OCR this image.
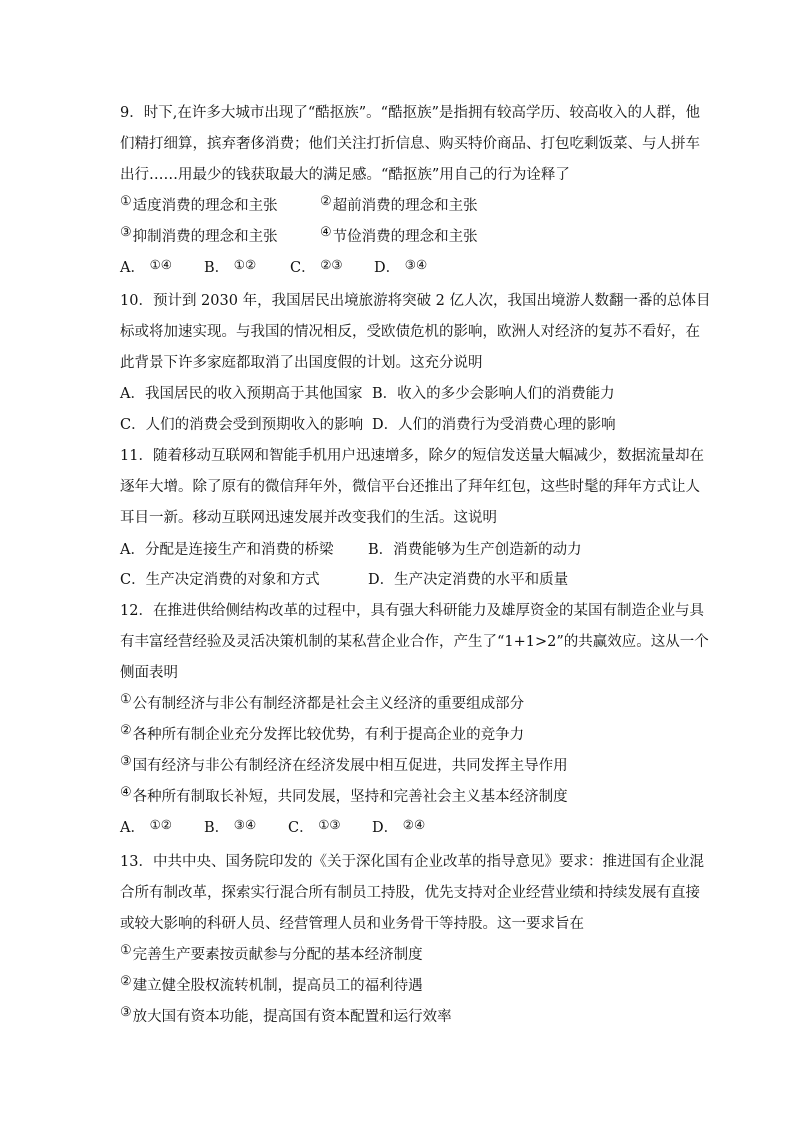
9．时下,在许多大城市出现了“酷抠族”。“酷抠族”是指拥有较高学历、较高收入的人群，他
们精打细算，摈弃奢侈消费；他们关注打折信息、购买特价商品、打包吃剩饭菜、与人拼车
出行……用最少的钱获取最大的满足感。“酷抠族”用自己的行为诠释了
①适度消费的理念和主张	②超前消费的理念和主张
③抑制消费的理念和主张	④节俭消费的理念和主张
A． ①④ B． ①② C． ②③ D． ③④
10．预计到 2030 年，我国居民出境旅游将突破 2 亿人次，我国出境游人数翻一番的总体目
标或将加速实现。与我国的情况相反，受欧债危机的影响，欧洲人对经济的复苏不看好，在
此背景下许多家庭都取消了出国度假的计划。这充分说明
A．我国居民的收入预期高于其他国家 B．收入的多少会影响人们的消费能力
C．人们的消费会受到预期收入的影响 D．人们的消费行为受消费心理的影响
11．随着移动互联网和智能手机用户迅速增多，除夕的短信发送量大幅减少，数据流量却在
逐年大增。除了原有的微信拜年外，微信平台还推出了拜年红包，这些时髦的拜年方式让人
耳目一新。移动互联网迅速发展并改变我们的生活。这说明
A．分配是连接生产和消费的桥梁 B．消费能够为生产创造新的动力
C．生产决定消费的对象和方式	D．生产决定消费的水平和质量
12．在推进供给侧结构改革的过程中，具有强大科研能力及雄厚资金的某国有制造企业与具
有丰富经营经验及灵活决策机制的某私营企业合作，产生了“1+1>2”的共赢效应。这从一个
侧面表明
①公有制经济与非公有制经济都是社会主义经济的重要组成部分
②各种所有制企业充分发挥比较优势，有利于提高企业的竞争力
③国有经济与非公有制经济在经济发展中相互促进，共同发挥主导作用
④各种所有制取长补短，共同发展，坚持和完善社会主义基本经济制度
A． ①② B． ③④ C． ①③ D． ②④
13．中共中央、国务院印发的《关于深化国有企业改革的指导意见》要求：推进国有企业混
合所有制改革，探索实行混合所有制员工持股，优先支持对企业经营业绩和持续发展有直接
或较大影响的科研人员、经营管理人员和业务骨干等持股。这一要求旨在
①完善生产要素按贡献参与分配的基本经济制度
②建立健全股权流转机制，提高员工的福利待遇
③放大国有资本功能，提高国有资本配置和运行效率
